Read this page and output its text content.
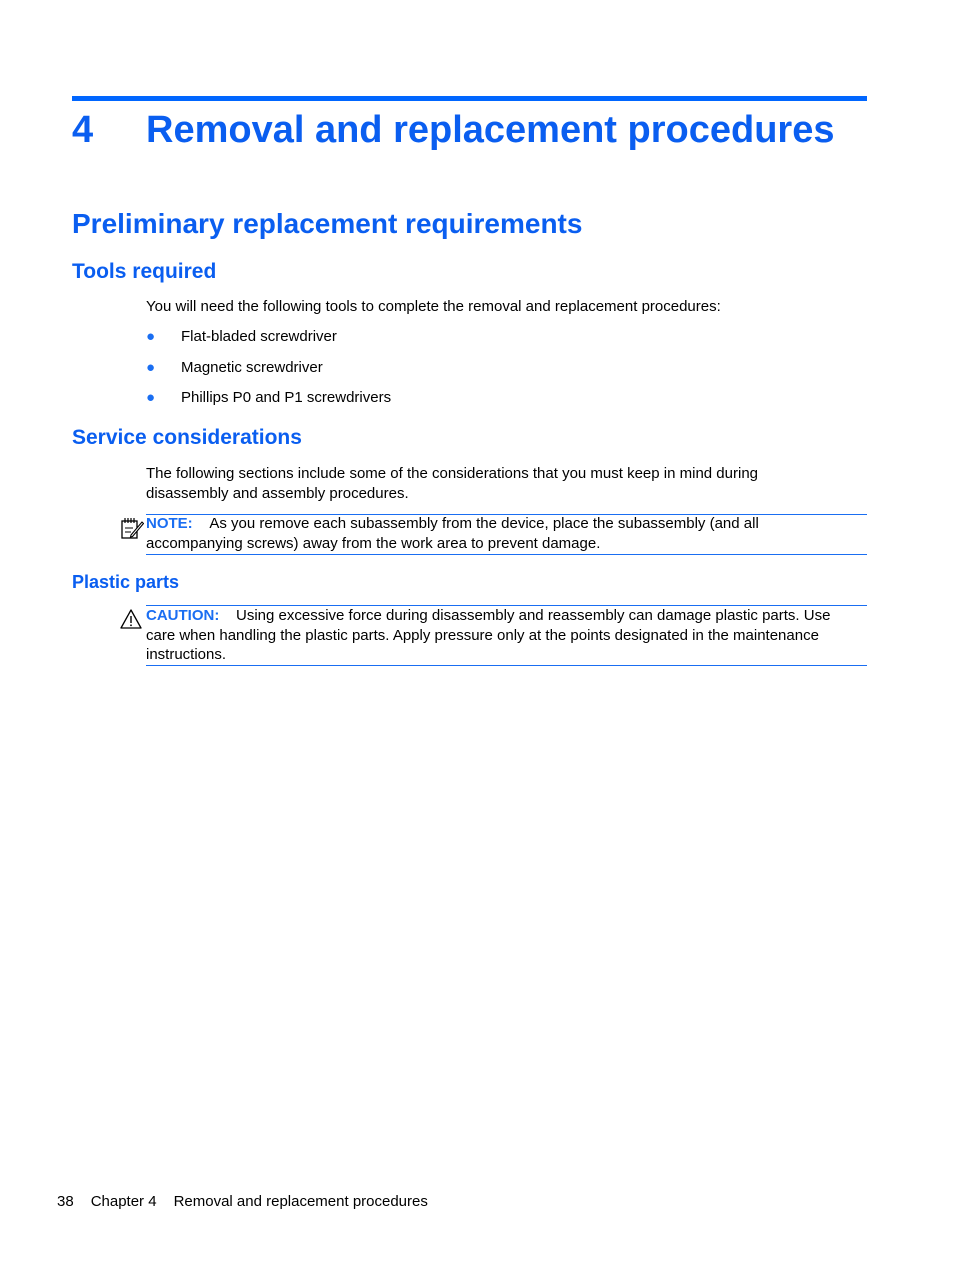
4 Removal and replacement procedures
Preliminary replacement requirements
Tools required
You will need the following tools to complete the removal and replacement procedures:
● Flat-bladed screwdriver
● Magnetic screwdriver
● Phillips P0 and P1 screwdrivers
Service considerations
The following sections include some of the considerations that you must keep in mind during disassembly and assembly procedures.
NOTE: As you remove each subassembly from the device, place the subassembly (and all accompanying screws) away from the work area to prevent damage.
Plastic parts
CAUTION: Using excessive force during disassembly and reassembly can damage plastic parts. Use care when handling the plastic parts. Apply pressure only at the points designated in the maintenance instructions.
38 Chapter 4 Removal and replacement procedures
